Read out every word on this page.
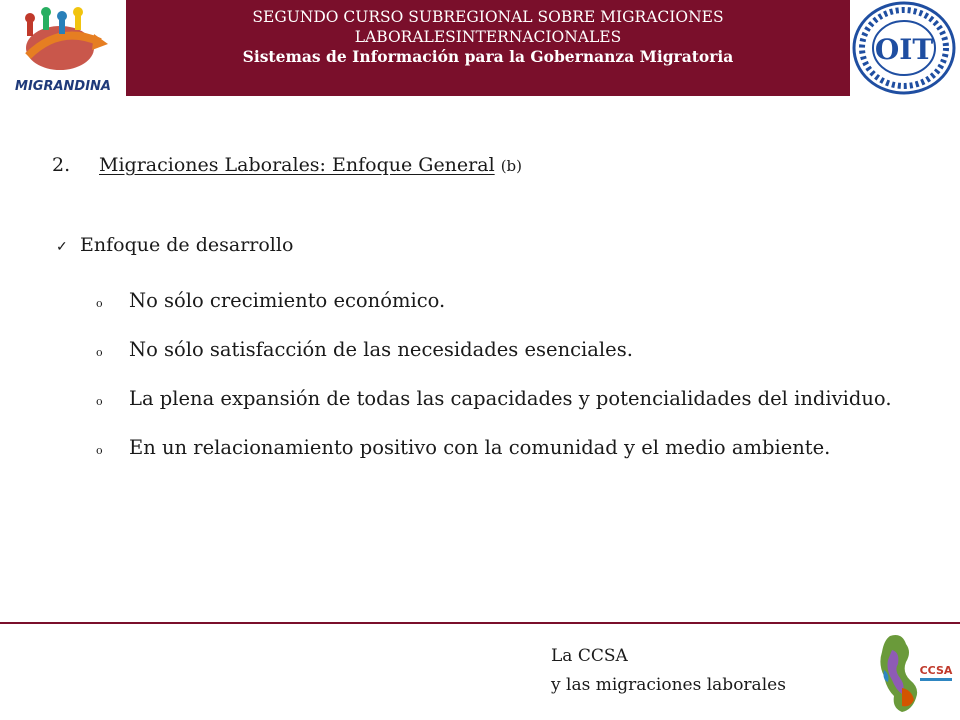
MIGRANDINA
SEGUNDO CURSO SUBREGIONAL SOBRE MIGRACIONES
LABORALESINTERNACIONALES
Sistemas de Información para la Gobernanza Migratoria	OIT
2. Migraciones Laborales: Enfoque General (b)
✓ Enfoque de desarrollo
o No sólo crecimiento económico.
o No sólo satisfacción de las necesidades esenciales.
o La plena expansión de todas las capacidades y potencialidades del individuo.
o En un relacionamiento positivo con la comunidad y el medio ambiente.
La CCSA
y las migraciones laborales
CCSA
